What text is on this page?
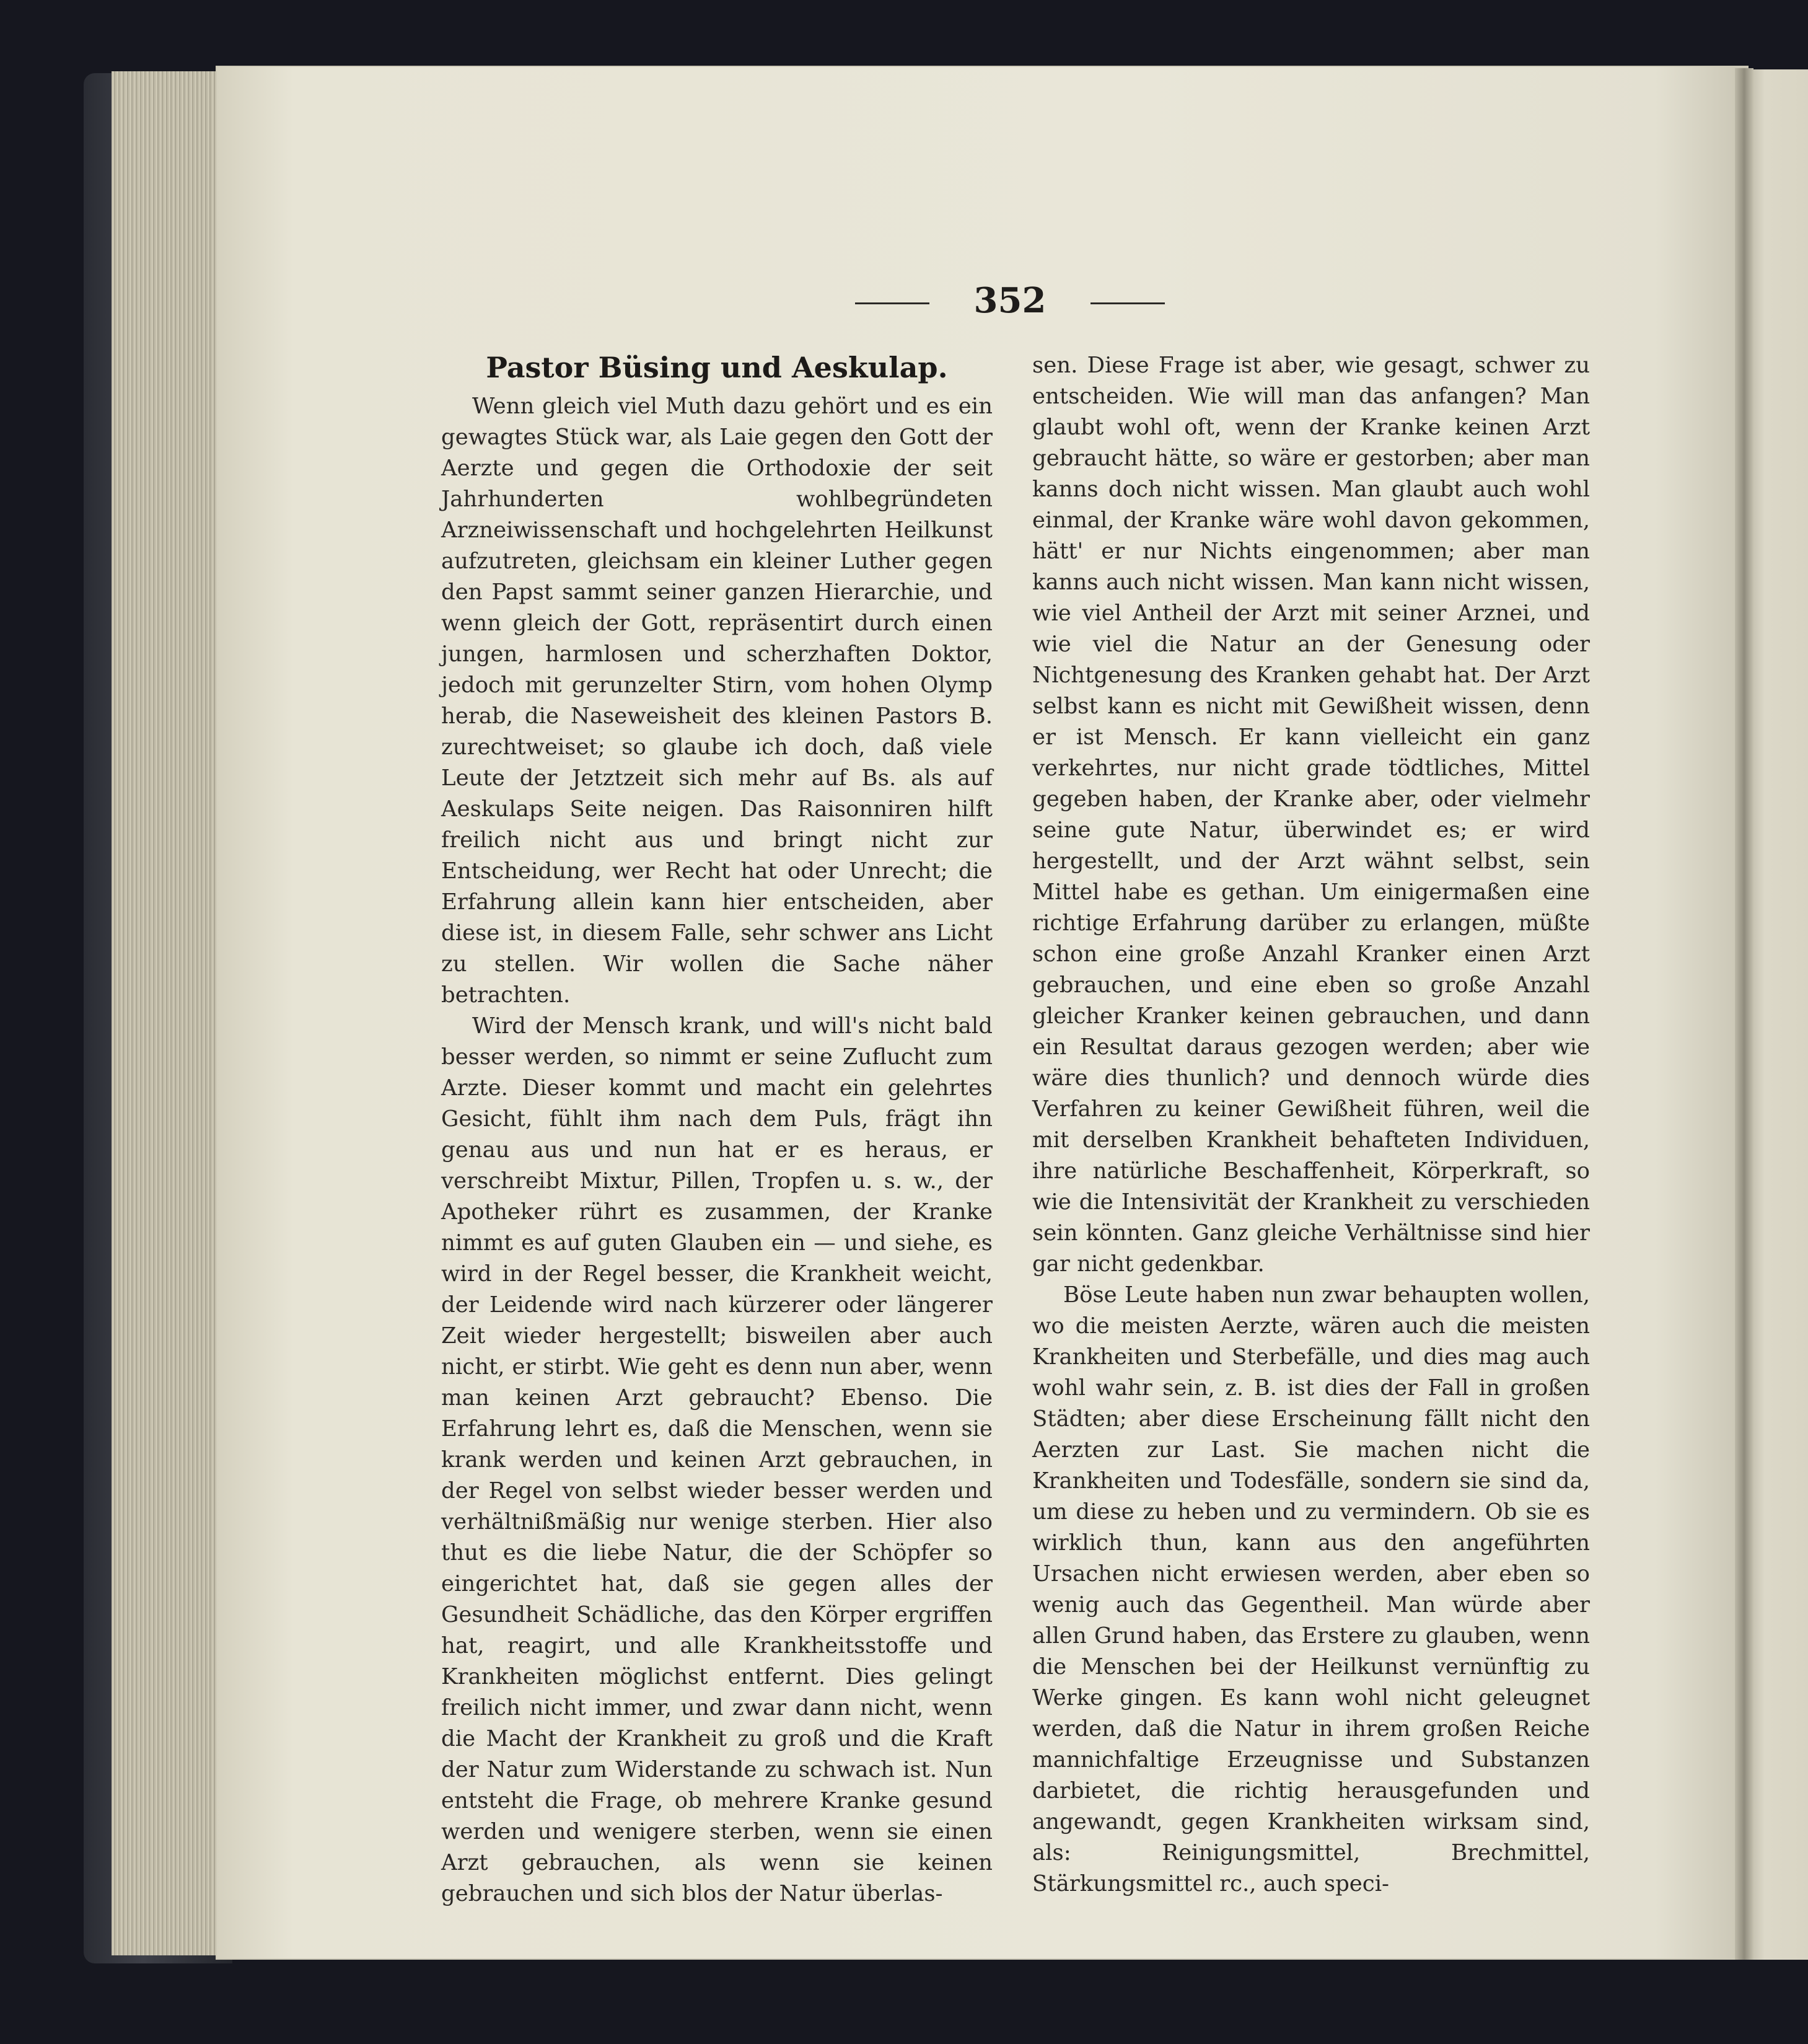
352
Pastor Büsing und Aeskulap.

Wenn gleich viel Muth dazu gehört und es ein gewagtes Stück war, als Laie gegen den Gott der Aerzte und gegen die Orthodoxie der seit Jahrhunderten wohlbegründeten Arzneiwissenschaft und hochgelehrten Heilkunst aufzutreten, gleichsam ein kleiner Luther gegen den Papst sammt seiner ganzen Hierarchie, und wenn gleich der Gott, repräsentirt durch einen jungen, harmlosen und scherzhaften Doktor, jedoch mit gerunzelter Stirn, vom hohen Olymp herab, die Naseweisheit des kleinen Pastors B. zurechtweiset; so glaube ich doch, daß viele Leute der Jetztzeit sich mehr auf Bs. als auf Aeskulaps Seite neigen. Das Raisonniren hilft freilich nicht aus und bringt nicht zur Entscheidung, wer Recht hat oder Unrecht; die Erfahrung allein kann hier entscheiden, aber diese ist, in diesem Falle, sehr schwer ans Licht zu stellen. Wir wollen die Sache näher betrachten.

Wird der Mensch krank, und will's nicht bald besser werden, so nimmt er seine Zuflucht zum Arzte. Dieser kommt und macht ein gelehrtes Gesicht, fühlt ihm nach dem Puls, frägt ihn genau aus und nun hat er es heraus, er verschreibt Mixtur, Pillen, Tropfen u. s. w., der Apotheker rührt es zusammen, der Kranke nimmt es auf guten Glauben ein — und siehe, es wird in der Regel besser, die Krankheit weicht, der Leidende wird nach kürzerer oder längerer Zeit wieder hergestellt; bisweilen aber auch nicht, er stirbt. Wie geht es denn nun aber, wenn man keinen Arzt gebraucht? Ebenso. Die Erfahrung lehrt es, daß die Menschen, wenn sie krank werden und keinen Arzt gebrauchen, in der Regel von selbst wieder besser werden und verhältnißmäßig nur wenige sterben. Hier also thut es die liebe Natur, die der Schöpfer so eingerichtet hat, daß sie gegen alles der Gesundheit Schädliche, das den Körper ergriffen hat, reagirt, und alle Krankheitsstoffe und Krankheiten möglichst entfernt. Dies gelingt freilich nicht immer, und zwar dann nicht, wenn die Macht der Krankheit zu groß und die Kraft der Natur zum Widerstande zu schwach ist. Nun entsteht die Frage, ob mehrere Kranke gesund werden und wenigere sterben, wenn sie einen Arzt gebrauchen, als wenn sie keinen gebrauchen und sich blos der Natur überlas-

sen. Diese Frage ist aber, wie gesagt, schwer zu entscheiden. Wie will man das anfangen? Man glaubt wohl oft, wenn der Kranke keinen Arzt gebraucht hätte, so wäre er gestorben; aber man kanns doch nicht wissen. Man glaubt auch wohl einmal, der Kranke wäre wohl davon gekommen, hätt' er nur Nichts eingenommen; aber man kanns auch nicht wissen. Man kann nicht wissen, wie viel Antheil der Arzt mit seiner Arznei, und wie viel die Natur an der Genesung oder Nichtgenesung des Kranken gehabt hat. Der Arzt selbst kann es nicht mit Gewißheit wissen, denn er ist Mensch. Er kann vielleicht ein ganz verkehrtes, nur nicht grade tödtliches, Mittel gegeben haben, der Kranke aber, oder vielmehr seine gute Natur, überwindet es; er wird hergestellt, und der Arzt wähnt selbst, sein Mittel habe es gethan. Um einigermaßen eine richtige Erfahrung darüber zu erlangen, müßte schon eine große Anzahl Kranker einen Arzt gebrauchen, und eine eben so große Anzahl gleicher Kranker keinen gebrauchen, und dann ein Resultat daraus gezogen werden; aber wie wäre dies thunlich? und dennoch würde dies Verfahren zu keiner Gewißheit führen, weil die mit derselben Krankheit behafteten Individuen, ihre natürliche Beschaffenheit, Körperkraft, so wie die Intensivität der Krankheit zu verschieden sein könnten. Ganz gleiche Verhältnisse sind hier gar nicht gedenkbar.

Böse Leute haben nun zwar behaupten wollen, wo die meisten Aerzte, wären auch die meisten Krankheiten und Sterbefälle, und dies mag auch wohl wahr sein, z. B. ist dies der Fall in großen Städten; aber diese Erscheinung fällt nicht den Aerzten zur Last. Sie machen nicht die Krankheiten und Todesfälle, sondern sie sind da, um diese zu heben und zu vermindern. Ob sie es wirklich thun, kann aus den angeführten Ursachen nicht erwiesen werden, aber eben so wenig auch das Gegentheil. Man würde aber allen Grund haben, das Erstere zu glauben, wenn die Menschen bei der Heilkunst vernünftig zu Werke gingen. Es kann wohl nicht geleugnet werden, daß die Natur in ihrem großen Reiche mannichfaltige Erzeugnisse und Substanzen darbietet, die richtig herausgefunden und angewandt, gegen Krankheiten wirksam sind, als: Reinigungsmittel, Brechmittel, Stärkungsmittel rc., auch speci-
